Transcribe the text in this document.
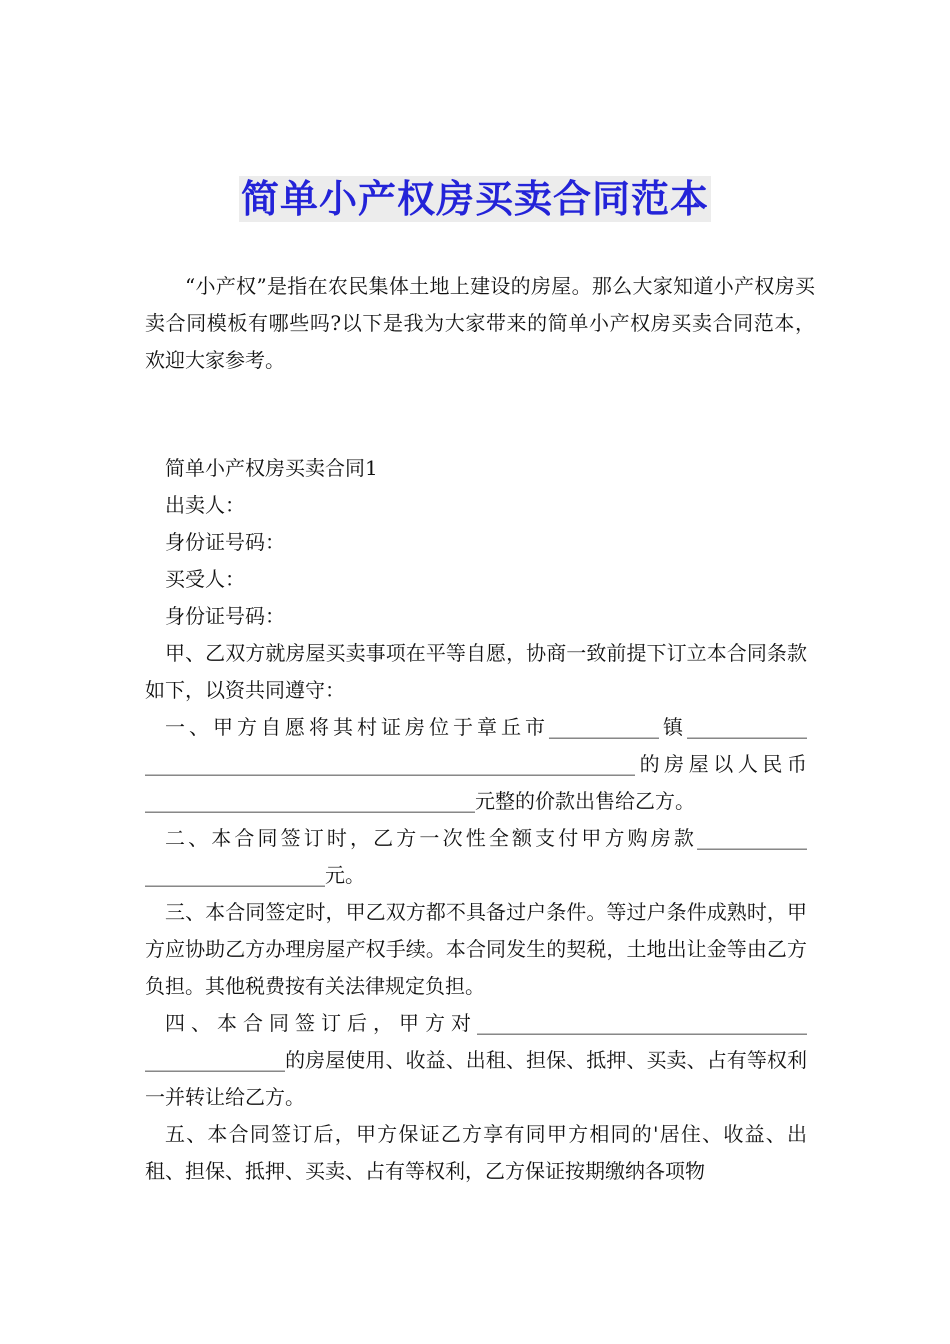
简单小产权房买卖合同范本

“小产权”是指在农民集体土地上建设的房屋。那么大家知道小产权房买卖合同模板有哪些吗?以下是我为大家带来的简单小产权房买卖合同范本，欢迎大家参考。

简单小产权房买卖合同1

出卖人：

身份证号码：

买受人：

身份证号码：

甲、乙双方就房屋买卖事项在平等自愿，协商一致前提下订立本合同条款如下，以资共同遵守：

一、甲方自愿将其村证房位于章丘市___________镇____________ _________________________________________________的房屋以人民币_________________________________元整的价款出售给乙方。

二、本合同签订时，乙方一次性全额支付甲方购房款___________ __________________元。

三、本合同签定时，甲乙双方都不具备过户条件。等过户条件成熟时，甲方应协助乙方办理房屋产权手续。本合同发生的契税，土地出让金等由乙方负担。其他税费按有关法律规定负担。

四、本合同签订后，甲方对_________________________________ ______________的房屋使用、收益、出租、担保、抵押、买卖、占有等权利一并转让给乙方。

五、本合同签订后，甲方保证乙方享有同甲方相同的'居住、收益、出租、担保、抵押、买卖、占有等权利，乙方保证按期缴纳各项物
